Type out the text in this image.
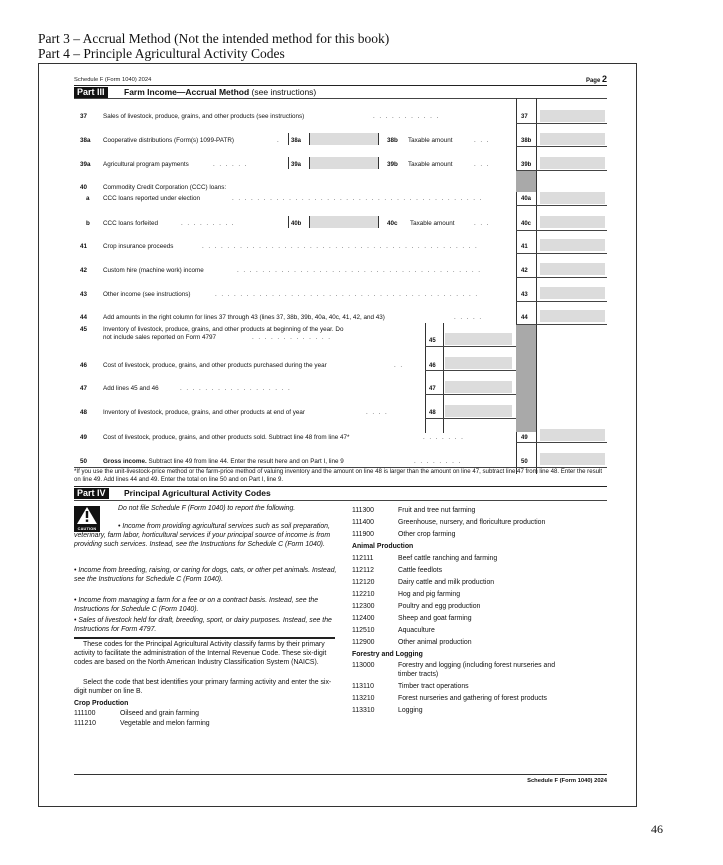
Part 3 – Accrual Method (Not the intended method for this book)
Part 4 – Principle Agricultural Activity Codes
Schedule F (Form 1040) 2024	Page 2
Part III	Farm Income—Accrual Method (see instructions)
37	Sales of livestock, produce, grains, and other products (see instructions)	...........	37
38a Cooperative distributions (Form(s) 1099-PATR)	.	38a	38b Taxable amount	...	38b
39a Agricultural program payments	......	39a	39b Taxable amount	...	39b
40	Commodity Credit Corporation (CCC) loans:
a CCC loans reported under election	........................................	40a
b CCC loans forfeited	.........	40b	40c Taxable amount	...	40c
41	Crop insurance proceeds	............................................	41
42	Custom hire (machine work) income	.......................................	42
43	Other income (see instructions)	..........................................	43
44	Add amounts in the right column for lines 37 through 43 (lines 37, 38b, 39b, 40a, 40c, 41, 42, and 43)	.....	44
45	Inventory of livestock, produce, grains, and other products at beginning of the year. Do
not include sales reported on Form 4797	.............	45
46	Cost of livestock, produce, grains, and other products purchased during the year	..	46
47	Add lines 45 and 46	..................	47
48	Inventory of livestock, produce, grains, and other products at end of year	....	48
49	Cost of livestock, produce, grains, and other products sold. Subtract line 48 from line 47*	.......	49
50	Gross income. Subtract line 49 from line 44. Enter the result here and on Part I, line 9	........	50
*If you use the unit-livestock-price method or the farm-price method of valuing inventory and the amount on line 48 is larger than the amount on line 47, subtract line 47 from line 48. Enter the result on line 49. Add lines 44 and 49. Enter the total on line 50 and on Part I, line 9.
Part IV	Principal Agricultural Activity Codes
CAUTION
Do not file Schedule F (Form 1040) to report the following.
• Income from providing agricultural services such as soil preparation, veterinary, farm labor, horticultural services if your principal source of income is from providing such services. Instead, see the Instructions for Schedule C (Form 1040).
• Income from breeding, raising, or caring for dogs, cats, or other pet animals. Instead, see the Instructions for Schedule C (Form 1040).
• Income from managing a farm for a fee or on a contract basis. Instead, see the Instructions for Schedule C (Form 1040).
• Sales of livestock held for draft, breeding, sport, or dairy purposes. Instead, see the Instructions for Form 4797.
These codes for the Principal Agricultural Activity classify farms by their primary activity to facilitate the administration of the Internal Revenue Code. These six-digit codes are based on the North American Industry Classification System (NAICS).
Select the code that best identifies your primary farming activity and enter the six-digit number on line B.
Crop Production
111100	Oilseed and grain farming
111210	Vegetable and melon farming
111300	Fruit and tree nut farming
111400	Greenhouse, nursery, and floriculture production
111900	Other crop farming
Animal Production
112111	Beef cattle ranching and farming
112112	Cattle feedlots
112120	Dairy cattle and milk production
112210	Hog and pig farming
112300	Poultry and egg production
112400	Sheep and goat farming
112510	Aquaculture
112900	Other animal production
Forestry and Logging
113000	Forestry and logging (including forest nurseries and
timber tracts)
113110	Timber tract operations
113210	Forest nurseries and gathering of forest products
113310	Logging
Schedule F (Form 1040) 2024
46
